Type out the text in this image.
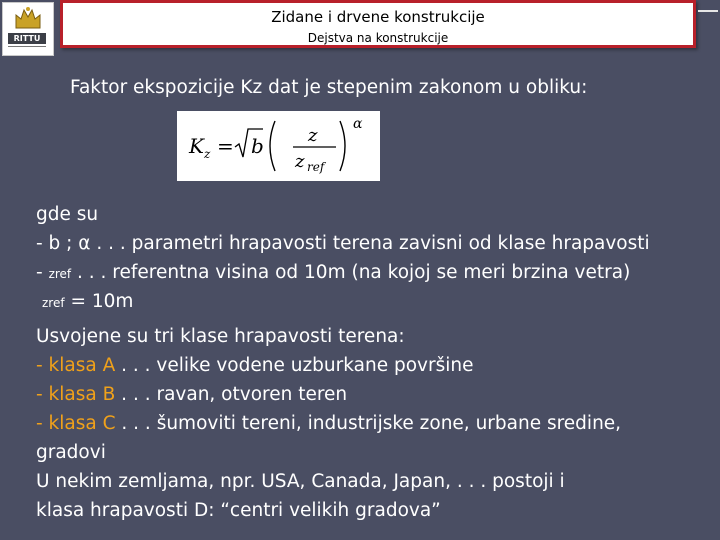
RITTU
Zidane i drvene konstrukcije
Dejstva na konstrukcije
Faktor ekspozicije Kz dat je stepenim zakonom u obliku:
K z = b z
z ref
α
gde su
- b ; α . . . parametri hrapavosti terena zavisni od klase hrapavosti
- zref . . . referentna visina od 10m (na kojoj se meri brzina vetra)
zref = 10m
Usvojene su tri klase hrapavosti terena:
- klasa A . . . velike vodene uzburkane površine
- klasa B . . . ravan, otvoren teren
- klasa C . . . šumoviti tereni, industrijske zone, urbane sredine,
gradovi
U nekim zemljama, npr. USA, Canada, Japan, . . . postoji i
klasa hrapavosti D: “centri velikih gradova”
